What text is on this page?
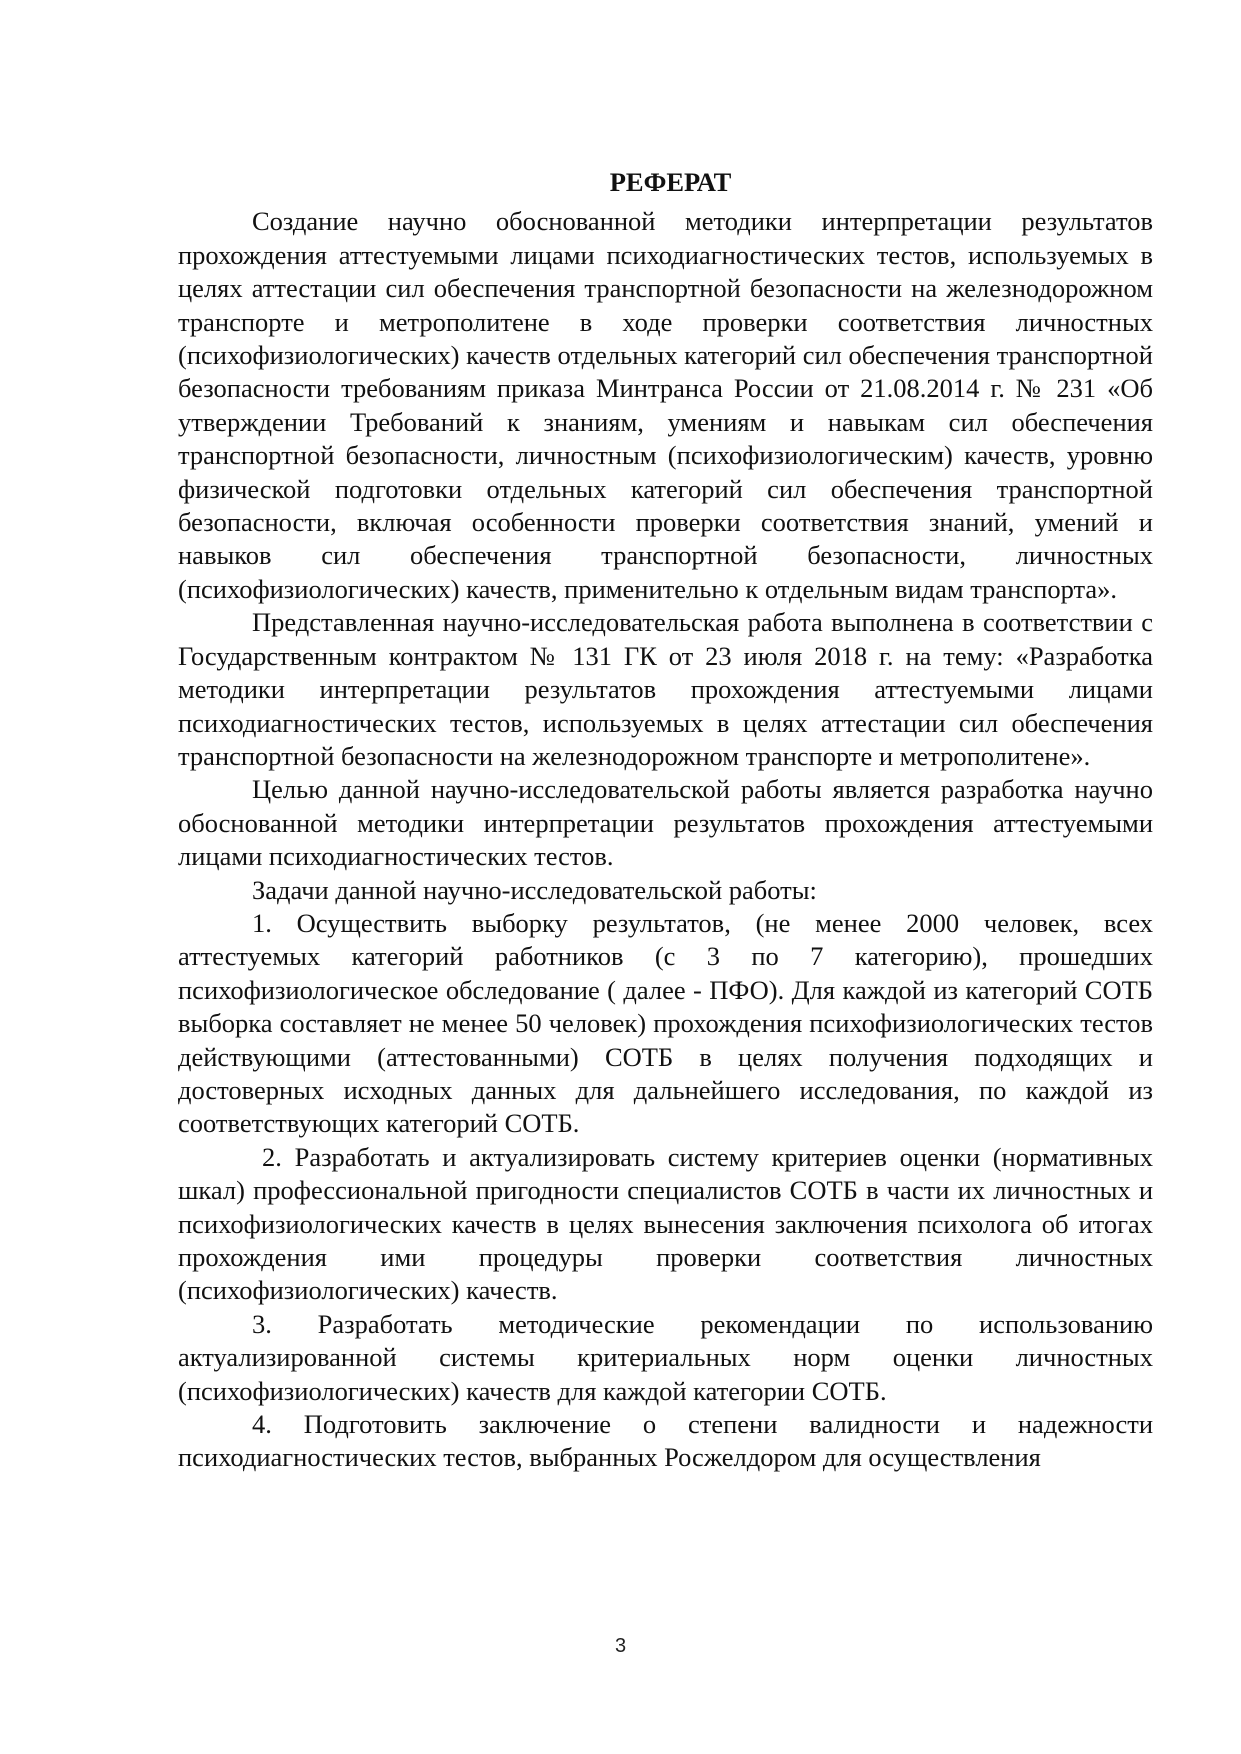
РЕФЕРАТ

Создание научно обоснованной методики интерпретации результатов прохождения аттестуемыми лицами психодиагностических тестов, используемых в целях аттестации сил обеспечения транспортной безопасности на железнодорожном транспорте и метрополитене в ходе проверки соответствия личностных (психофизиологических) качеств отдельных категорий сил обеспечения транспортной безопасности требованиям приказа Минтранса России от 21.08.2014 г. № 231 «Об утверждении Требований к знаниям, умениям и навыкам сил обеспечения транспортной безопасности, личностным (психофизиологическим) качеств, уровню физической подготовки отдельных категорий сил обеспечения транспортной безопасности, включая особенности проверки соответствия знаний, умений и навыков сил обеспечения транспортной безопасности, личностных (психофизиологических) качеств, применительно к отдельным видам транспорта».

Представленная научно-исследовательская работа выполнена в соответствии с Государственным контрактом № 131 ГК от 23 июля 2018 г. на тему: «Разработка методики интерпретации результатов прохождения аттестуемыми лицами психодиагностических тестов, используемых в целях аттестации сил обеспечения транспортной безопасности на железнодорожном транспорте и метрополитене».

Целью данной научно-исследовательской работы является разработка научно обоснованной методики интерпретации результатов прохождения аттестуемыми лицами психодиагностических тестов.

Задачи данной научно-исследовательской работы:

1. Осуществить выборку результатов, (не менее 2000 человек, всех аттестуемых категорий работников (с 3 по 7 категорию), прошедших психофизиологическое обследование ( далее - ПФО). Для каждой из категорий СОТБ выборка составляет не менее 50 человек) прохождения психофизиологических тестов действующими (аттестованными) СОТБ в целях получения подходящих и достоверных исходных данных для дальнейшего исследования, по каждой из соответствующих категорий СОТБ.

2. Разработать и актуализировать систему критериев оценки (нормативных шкал) профессиональной пригодности специалистов СОТБ в части их личностных и психофизиологических качеств в целях вынесения заключения психолога об итогах прохождения ими процедуры проверки соответствия личностных (психофизиологических) качеств.

3. Разработать методические рекомендации по использованию актуализированной системы критериальных норм оценки личностных (психофизиологических) качеств для каждой категории СОТБ.

4. Подготовить заключение о степени валидности и надежности психодиагностических тестов, выбранных Росжелдором для осуществления

3
